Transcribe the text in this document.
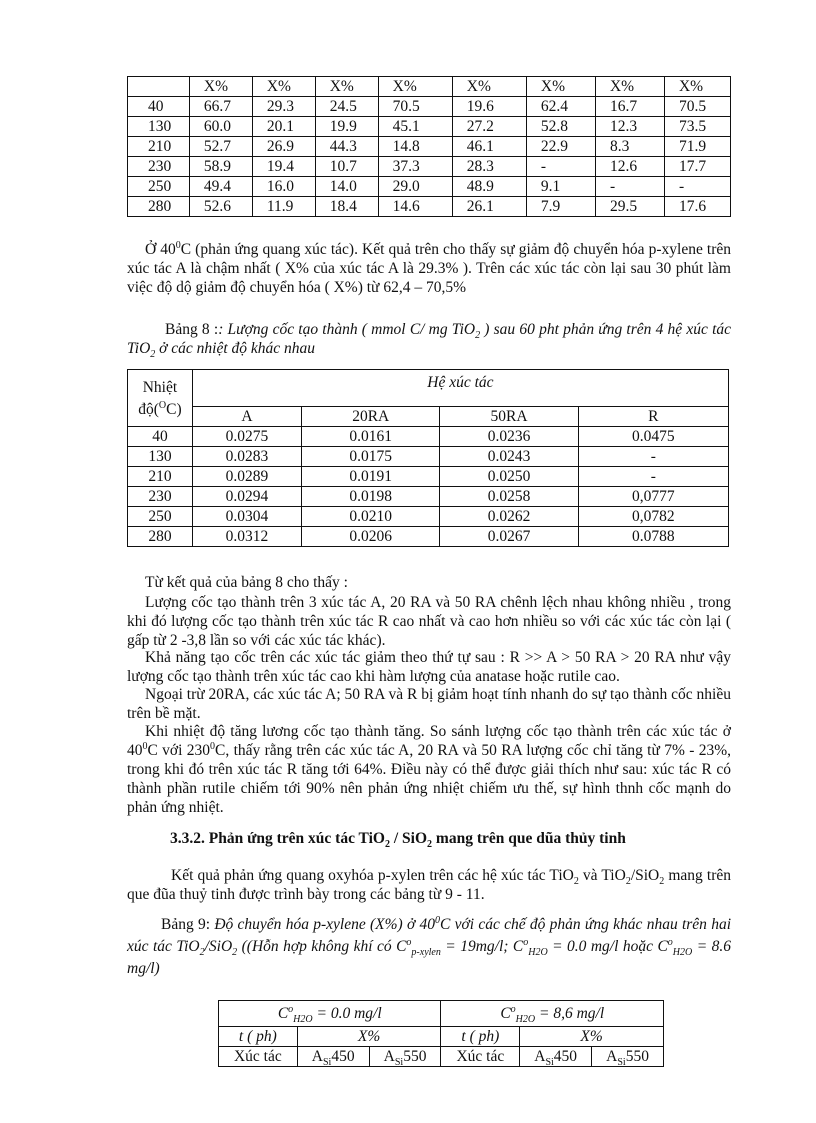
	X%	X%	X%	X%	X%	X%	X%	X%
40	66.7	29.3	24.5	70.5	19.6	62.4	16.7	70.5
130	60.0	20.1	19.9	45.1	27.2	52.8	12.3	73.5
210	52.7	26.9	44.3	14.8	46.1	22.9	8.3	71.9
230	58.9	19.4	10.7	37.3	28.3	-	12.6	17.7
250	49.4	16.0	14.0	29.0	48.9	9.1	-	-
280	52.6	11.9	18.4	14.6	26.1	7.9	29.5	17.6
Ở $40^0C$ (phản ứng quang xúc tác). Kết quả trên cho thấy sự giảm độ chuyển hóa p-xylene trên xúc tác A là chậm nhất ( X% của xúc tác A là 29.3% ). Trên các xúc tác còn lại sau 30 phút làm việc độ dộ giảm độ chuyển hóa ( X%) từ 62,4 – 70,5%
Bảng 8 :: Lượng cốc tạo thành ( mmol C/ mg TiO$_2$ ) sau 60 pht phản ứng trên 4 hệ xúc tác TiO$_2$ ở các nhiệt độ khác nhau
Nhiệt
độ($^O$C)	Hệ xúc tác			
	A	20RA	50RA	R
40	0.0275	0.0161	0.0236	0.0475
130	0.0283	0.0175	0.0243	-
210	0.0289	0.0191	0.0250	-
230	0.0294	0.0198	0.0258	0,0777
250	0.0304	0.0210	0.0262	0,0782
280	0.0312	0.0206	0.0267	0.0788
Từ kết quả của bảng 8 cho thấy :
Lượng cốc tạo thành trên 3 xúc tác A, 20 RA và 50 RA chênh lệch nhau không nhiều , trong khi đó lượng cốc tạo thành trên xúc tác R cao nhất và cao hơn nhiều so với các xúc tác còn lại ( gấp từ 2 -3,8 lần so với các xúc tác khác).
Khả năng tạo cốc trên các xúc tác giảm theo thứ tự sau : R >> A > 50 RA > 20 RA như vậy lượng cốc tạo thành trên xúc tác cao khi hàm lượng của anatase hoặc rutile cao.
Ngoại trừ 20RA, các xúc tác A; 50 RA và R bị giảm hoạt tính nhanh do sự tạo thành cốc nhiều trên bề mặt.
Khi nhiệt độ tăng lương cốc tạo thành tăng. So sánh lượng cốc tạo thành trên các xúc tác ở $40^0C$ với $230^0C$, thấy rằng trên các xúc tác A, 20 RA và 50 RA lượng cốc chỉ tăng từ 7% - 23%, trong khi đó trên xúc tác R tăng tới 64%. Điều này có thể được giải thích như sau: xúc tác R có thành phần rutile chiếm tới 90% nên phản ứng nhiệt chiếm ưu thế, sự hình thnh cốc mạnh do phản ứng nhiệt.
3.3.2. Phản ứng trên xúc tác TiO$_2$ / SiO$_2$ mang trên que dũa thủy tinh
Kết quả phản ứng quang oxyhóa p-xylen trên các hệ xúc tác TiO$_2$ và TiO$_2$/SiO$_2$ mang trên que đũa thuỷ tinh được trình bày trong các bảng từ 9 - 11.
Bảng 9: Độ chuyển hóa p-xylene (X%) ở $40^0C$ với các chế độ phản ứng khác nhau trên hai xúc tác TiO$_2$/SiO$_2$ ((Hỗn hợp không khí có $C^o_{p-xylen} = 19mg/l$; $C^o_{H2O} = 0.0$ mg/l hoặc $C^o_{H2O} = 8.6$ mg/l)
$C^o_{H2O} = 0.0$ mg/l			$C^o_{H2O} = 8,6$ mg/l		
t ( ph)	X%		t ( ph)	X%	
Xúc tác	$A_{Si}450$	$A_{Si}550$	Xúc tác	$A_{Si}450$	$A_{Si}550$
